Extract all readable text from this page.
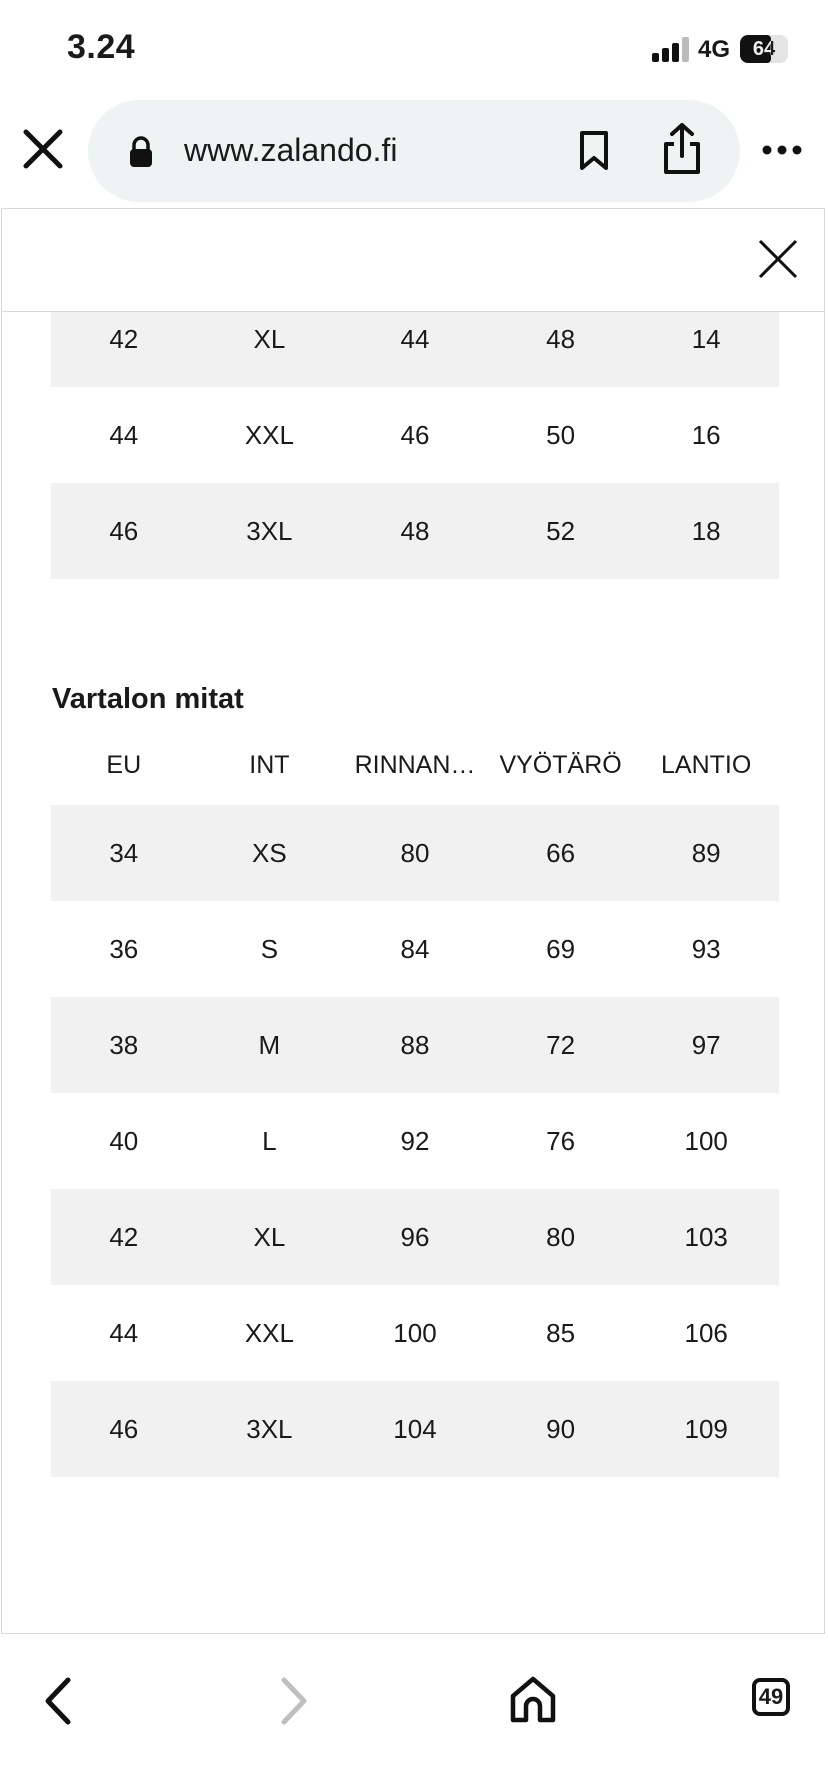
3.24	4G	64
www.zalando.fi
42	XL	44	48	14
44	XXL	46	50	16
46	3XL	48	52	18
Vartalon mitat
EU	INT	RINNAN…	VYÖTÄRÖ	LANTIO
34	XS	80	66	89
36	S	84	69	93
38	M	88	72	97
40	L	92	76	100
42	XL	96	80	103
44	XXL	100	85	106
46	3XL	104	90	109
49
